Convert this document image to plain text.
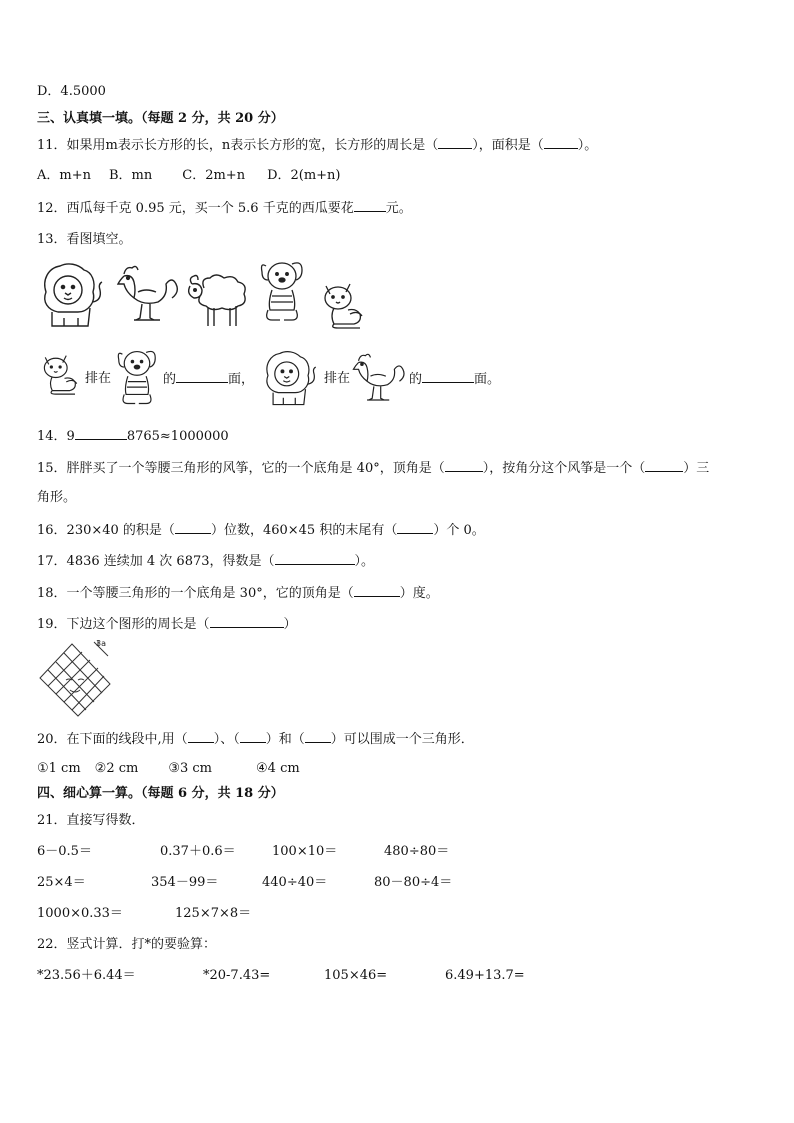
D．4.5000
三、认真填一填。（每题 2 分，共 20 分）
11．如果用m表示长方形的长，n表示长方形的宽，长方形的周长是（	），面积是（	）。
A．m+n B．mn C．2m+n D．2(m+n)
12．西瓜每千克 0.95 元，买一个 5.6 千克的西瓜要花 元。
13．看图填空。
排在	的	面，	排在	的	面。
14．9	8765≈1000000
15．胖胖买了一个等腰三角形的风筝，它的一个底角是 40°，顶角是（	），按角分这个风筝是一个（	）三
角形。
16．230×40 的积是（	）位数，460×45 积的末尾有（	）个 0。
17．4836 连续加 4 次 6873，得数是（	）。
18．一个等腰三角形的一个底角是 30°，它的顶角是（	）度。
19．下边这个图形的周长是（	）
3a
20．在下面的线段中,用（ ）、（ ）和（ ）可以围成一个三角形．
①1 cm ②2 cm ③3 cm	④4 cm
四、细心算一算。（每题 6 分，共 18 分）
21．直接写得数．
6－0.5＝	0.37＋0.6＝	100×10＝	480÷80＝
25×4＝	354－99＝	440÷40＝	80－80÷4＝
1000×0.33＝	125×7×8＝
22．竖式计算．打*的要验算：
*23.56＋6.44＝	*20-7.43=	105×46=	6.49+13.7=
